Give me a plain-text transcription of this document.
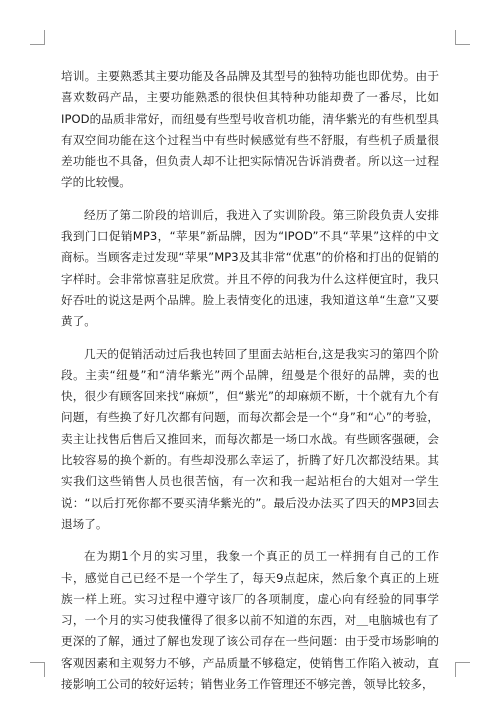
培训。主要熟悉其主要功能及各品牌及其型号的独特功能也即优势。由于喜欢数码产品，主要功能熟悉的很快但其特种功能却费了一番尽，比如IPOD的品质非常好，而纽曼有些型号收音机功能，清华紫光的有些机型具有双空间功能在这个过程当中有些时候感觉有些不舒服，有些机子质量很差功能也不具备，但负责人却不让把实际情况告诉消费者。所以这一过程学的比较慢。

经历了第二阶段的培训后，我进入了实训阶段。第三阶段负责人安排我到门口促销MP3，“苹果”新品牌，因为“IPOD”不具“苹果”这样的中文商标。当顾客走过发现“苹果”MP3及其非常“优惠”的价格和打出的促销的字样时。会非常惊喜驻足欣赏。并且不停的问我为什么这样便宜时，我只好吞吐的说这是两个品牌。脸上表情变化的迅速，我知道这单“生意”又要黄了。

几天的促销活动过后我也转回了里面去站柜台,这是我实习的第四个阶段。主卖“纽曼”和“清华紫光”两个品牌，纽曼是个很好的品牌，卖的也快，很少有顾客回来找“麻烦”，但“紫光”的却麻烦不断，十个就有九个有问题，有些换了好几次都有问题，而每次都会是一个“身”和“心”的考验，卖主让找售后售后又推回来，而每次都是一场口水战。有些顾客强硬，会比较容易的换个新的。有些却没那么幸运了，折腾了好几次都没结果。其实我们这些销售人员也很苦恼，有一次和我一起站柜台的大姐对一学生说：“以后打死你都不要买清华紫光的”。最后没办法买了四天的MP3回去退场了。

在为期1个月的实习里，我象一个真正的员工一样拥有自己的工作卡，感觉自己已经不是一个学生了，每天9点起床，然后象个真正的上班族一样上班。实习过程中遵守该厂的各项制度，虚心向有经验的同事学习，一个月的实习使我懂得了很多以前不知道的东西，对＿电脑城也有了更深的了解，通过了解也发现了该公司存在一些问题：由于受市场影响的客观因素和主观努力不够，产品质量不够稳定，使销售工作陷入被动，直接影响工公司的较好运转；销售业务工作管理还不够完善，领导比较多，
